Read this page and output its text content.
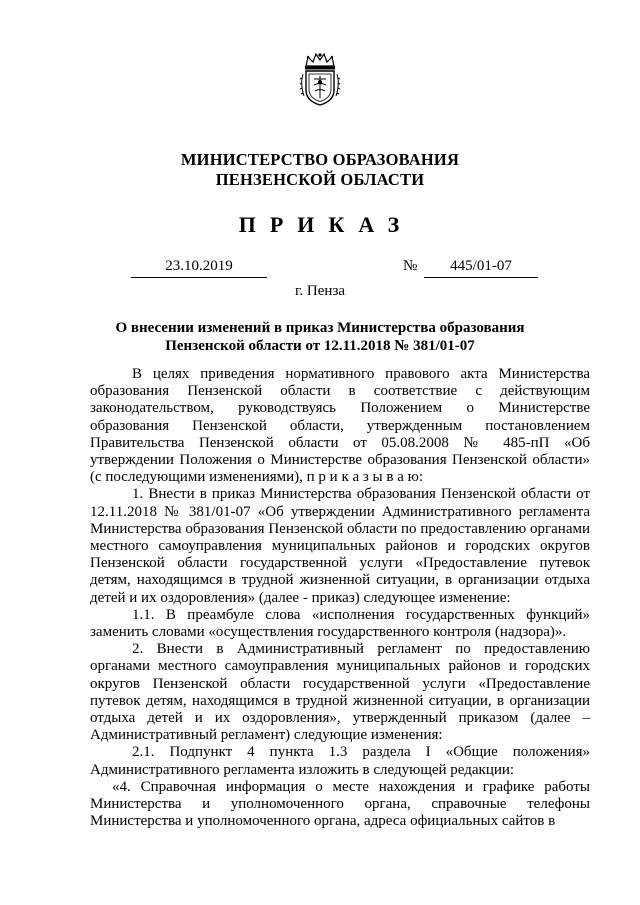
МИНИСТЕРСТВО ОБРАЗОВАНИЯ
ПЕНЗЕНСКОЙ ОБЛАСТИ
ПРИКАЗ
23.10.2019	№	445/01-07
г. Пенза
О внесении изменений в приказ Министерства образования Пензенской области от 12.11.2018 № 381/01-07

В целях приведения нормативного правового акта Министерства образования Пензенской области в соответствие с действующим законодательством, руководствуясь Положением о Министерстве образования Пензенской области, утвержденным постановлением Правительства Пензенской области от 05.08.2008 № 485-пП «Об утверждении Положения о Министерстве образования Пензенской области» (с последующими изменениями), п р и к а з ы в а ю:

1. Внести в приказ Министерства образования Пензенской области от 12.11.2018 № 381/01-07 «Об утверждении Административного регламента Министерства образования Пензенской области по предоставлению органами местного самоуправления муниципальных районов и городских округов Пензенской области государственной услуги «Предоставление путевок детям, находящимся в трудной жизненной ситуации, в организации отдыха детей и их оздоровления» (далее - приказ) следующее изменение:

1.1. В преамбуле слова «исполнения государственных функций» заменить словами «осуществления государственного контроля (надзора)».

2. Внести в Административный регламент по предоставлению органами местного самоуправления муниципальных районов и городских округов Пензенской области государственной услуги «Предоставление путевок детям, находящимся в трудной жизненной ситуации, в организации отдыха детей и их оздоровления», утвержденный приказом (далее – Административный регламент) следующие изменения:

2.1. Подпункт 4 пункта 1.3 раздела I «Общие положения» Административного регламента изложить в следующей редакции:

«4. Справочная информация о месте нахождения и графике работы Министерства и уполномоченного органа, справочные телефоны Министерства и уполномоченного органа, адреса официальных сайтов в
